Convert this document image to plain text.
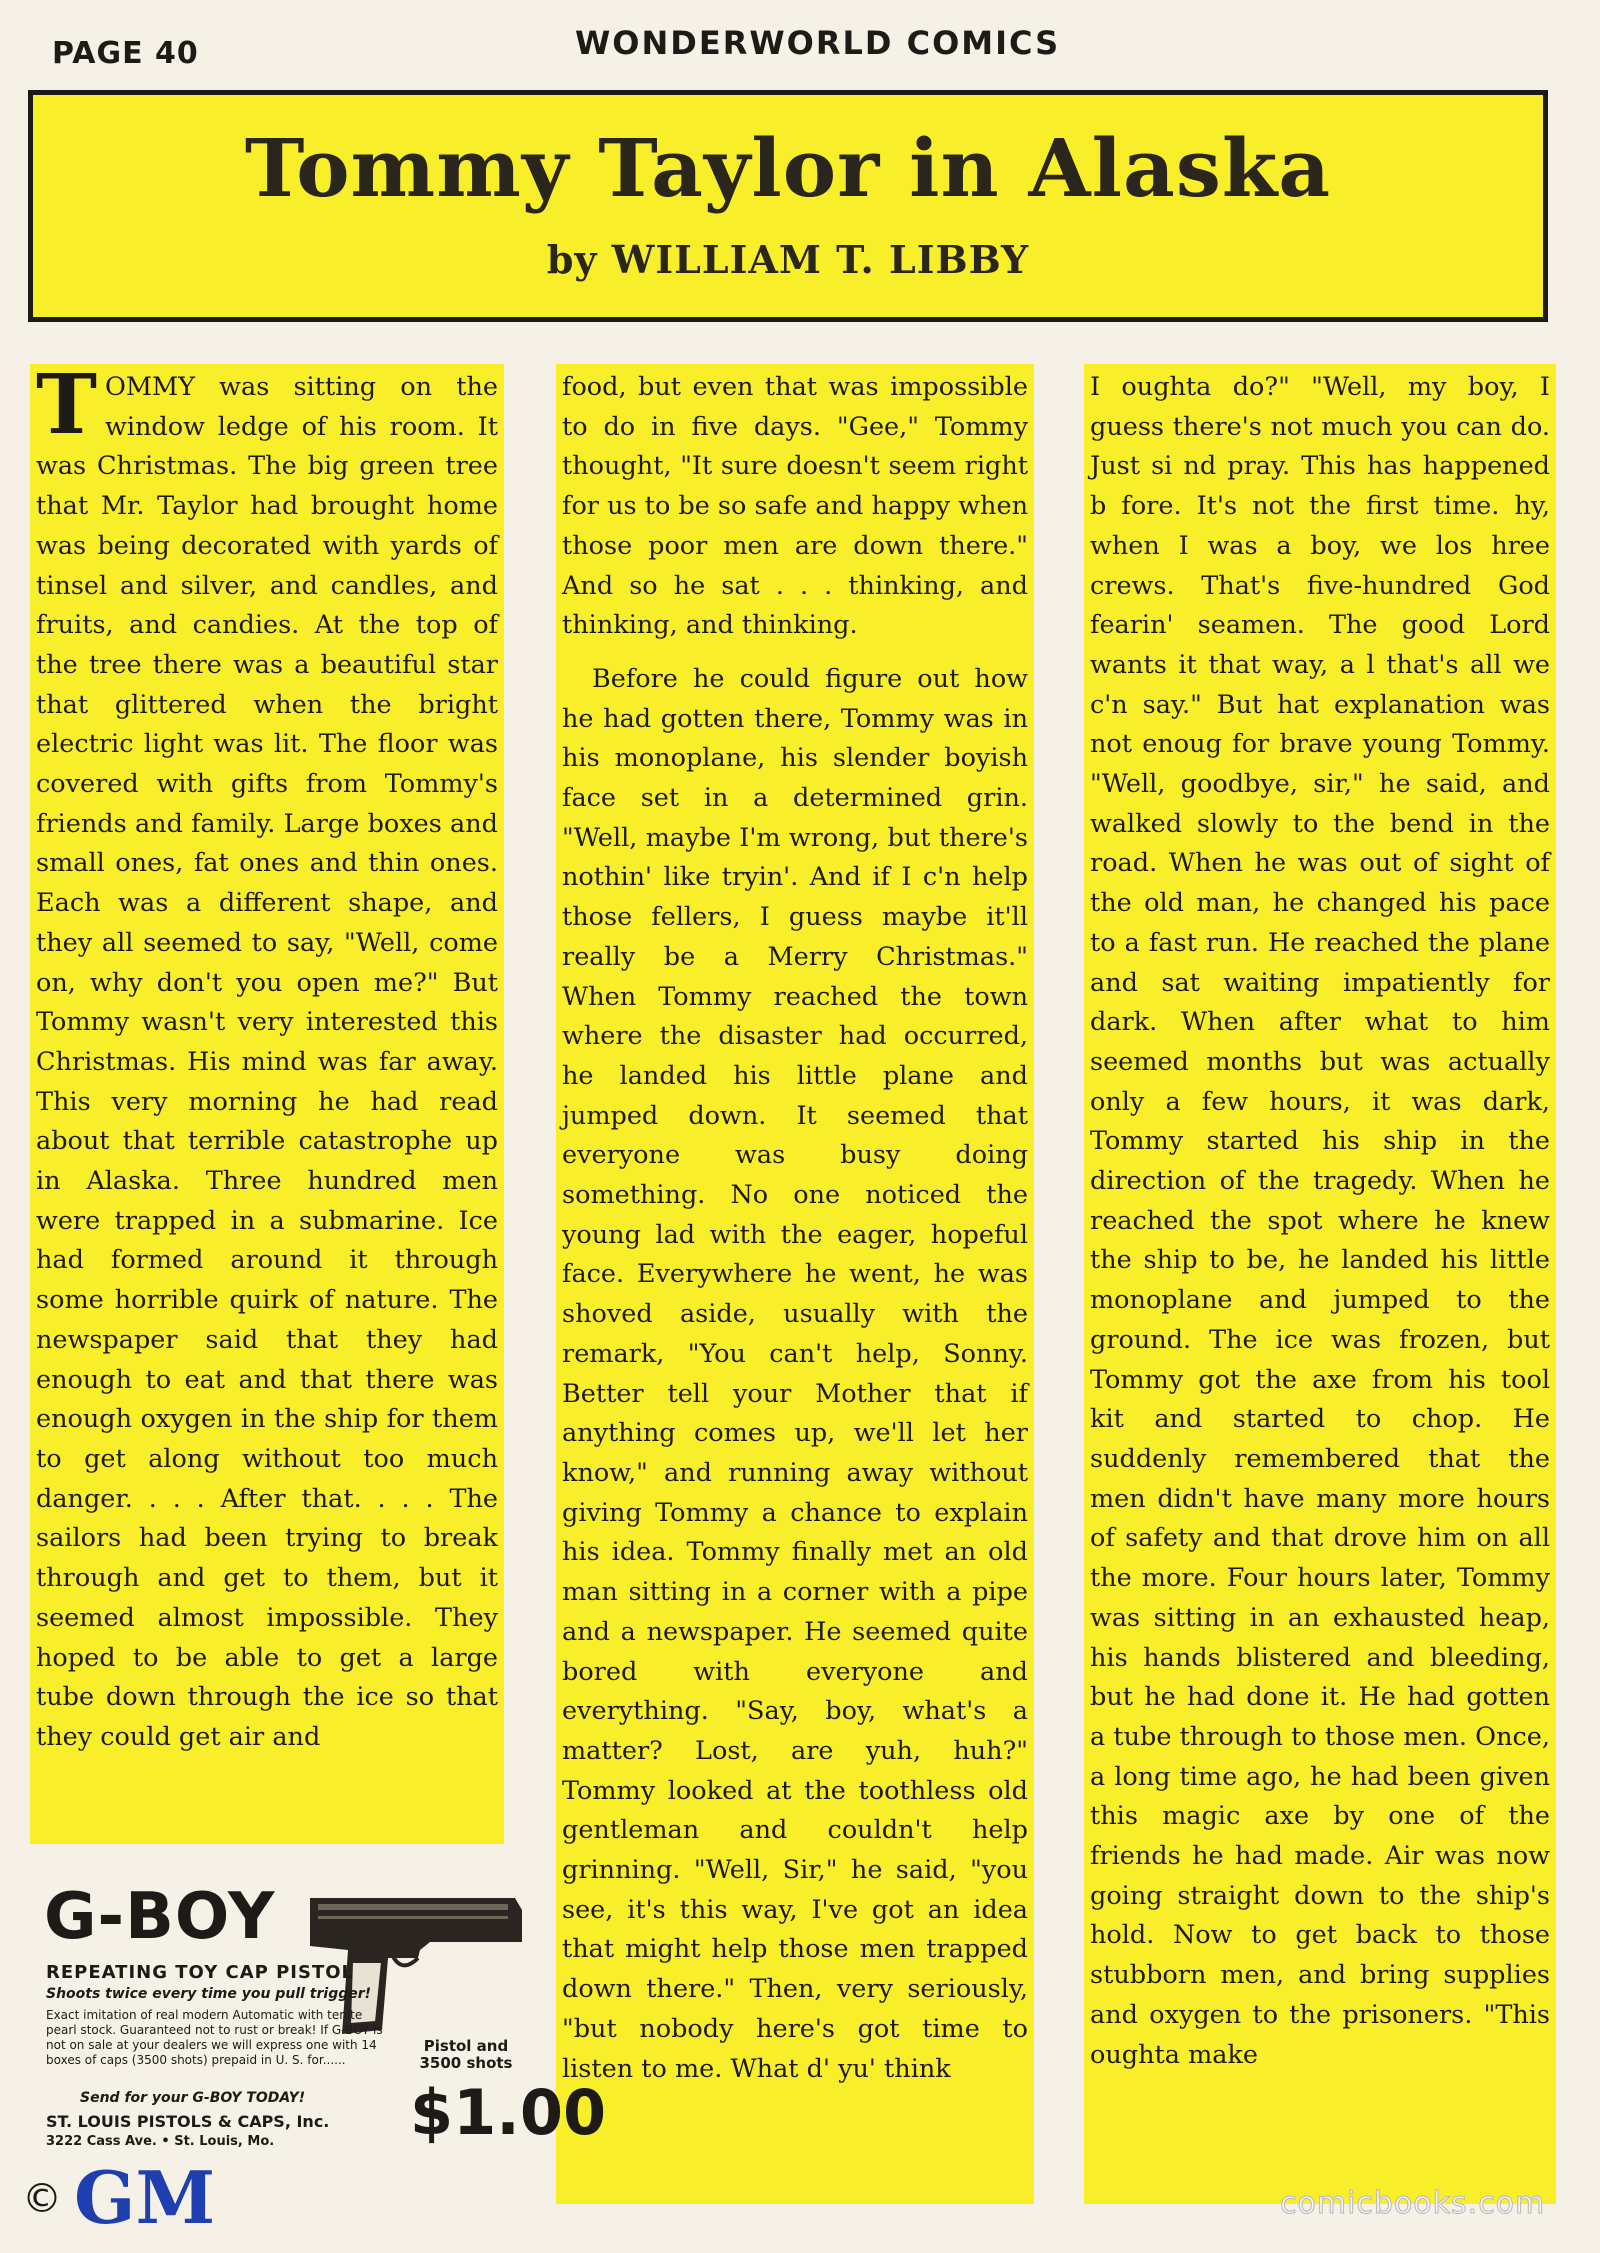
PAGE 40	WONDERWORLD COMICS
Tommy Taylor in Alaska
by WILLIAM T. LIBBY

T OMMY was sitting on the window ledge of his room. It was Christmas. The big green tree that Mr. Taylor had brought home was being decorated with yards of tinsel and silver, and candles, and fruits, and candies. At the top of the tree there was a beautiful star that glittered when the bright electric light was lit. The floor was covered with gifts from Tommy's friends and family. Large boxes and small ones, fat ones and thin ones. Each was a different shape, and they all seemed to say, "Well, come on, why don't you open me?" But Tommy wasn't very interested this Christmas. His mind was far away. This very morning he had read about that terrible catastrophe up in Alaska. Three hundred men were trapped in a submarine. Ice had formed around it through some horrible quirk of nature. The newspaper said that they had enough to eat and that there was enough oxygen in the ship for them to get along without too much danger. . . . After that. . . . The sailors had been trying to break through and get to them, but it seemed almost impossible. They hoped to be able to get a large tube down through the ice so that they could get air and

food, but even that was impossible to do in five days. "Gee," Tommy thought, "It sure doesn't seem right for us to be so safe and happy when those poor men are down there." And so he sat . . . thinking, and thinking, and thinking.

Before he could figure out how he had gotten there, Tommy was in his monoplane, his slender boyish face set in a determined grin. "Well, maybe I'm wrong, but there's nothin' like tryin'. And if I c'n help those fellers, I guess maybe it'll really be a Merry Christmas." When Tommy reached the town where the disaster had occurred, he landed his little plane and jumped down. It seemed that everyone was busy doing something. No one noticed the young lad with the eager, hopeful face. Everywhere he went, he was shoved aside, usually with the remark, "You can't help, Sonny. Better tell your Mother that if anything comes up, we'll let her know," and running away without giving Tommy a chance to explain his idea. Tommy finally met an old man sitting in a corner with a pipe and a newspaper. He seemed quite bored with everyone and everything. "Say, boy, what's a matter? Lost, are yuh, huh?" Tommy looked at the toothless old gentleman and couldn't help grinning. "Well, Sir," he said, "you see, it's this way, I've got an idea that might help those men trapped down there." Then, very seriously, "but nobody here's got time to listen to me. What d' yu' think

I oughta do?" "Well, my boy, I guess there's not much you can do. Just si nd pray. This has happened b fore. It's not the first time. hy, when I was a boy, we los hree crews. That's five-hundred God fearin' seamen. The good Lord wants it that way, a l that's all we c'n say." But hat explanation was not enoug for brave young Tommy. "Well, goodbye, sir," he said, and walked slowly to the bend in the road. When he was out of sight of the old man, he changed his pace to a fast run. He reached the plane and sat waiting impatiently for dark. When after what to him seemed months but was actually only a few hours, it was dark, Tommy started his ship in the direction of the tragedy. When he reached the spot where he knew the ship to be, he landed his little monoplane and jumped to the ground. The ice was frozen, but Tommy got the axe from his tool kit and started to chop. He suddenly remembered that the men didn't have many more hours of safety and that drove him on all the more. Four hours later, Tommy was sitting in an exhausted heap, his hands blistered and bleeding, but he had done it. He had gotten a tube through to those men. Once, a long time ago, he had been given this magic axe by one of the friends he had made. Air was now going straight down to the ship's hold. Now to get back to those stubborn men, and bring supplies and oxygen to the prisoners. "This oughta make

G-BOY
REPEATING TOY CAP PISTOL
Shoots twice every time you pull trigger!
Exact imitation of real modern Automatic with tenite pearl stock. Guaranteed not to rust or break! If G-BOY is not on sale at your dealers we will express one with 14 boxes of caps (3500 shots) prepaid in U. S. for......
Send for your G-BOY TODAY!
ST. LOUIS PISTOLS & CAPS, Inc.
3222 Cass Ave. • St. Louis, Mo.
Pistol and 3500 shots
$1.00
© GM	comicbooks.com
